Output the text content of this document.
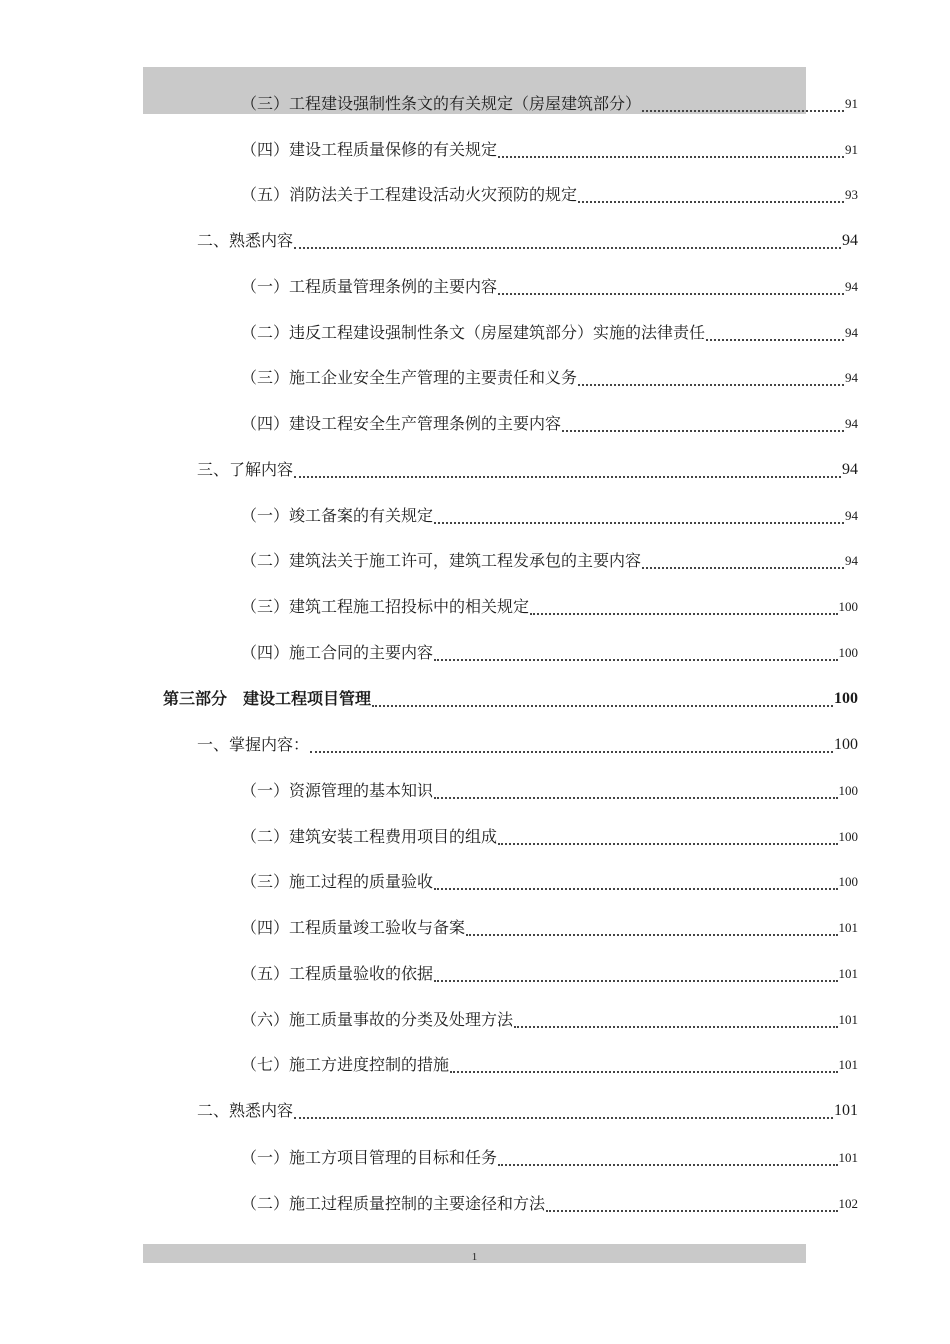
（三）工程建设强制性条文的有关规定（房屋建筑部分）	91
（四）建设工程质量保修的有关规定	91
（五）消防法关于工程建设活动火灾预防的规定	93
二、熟悉内容	94
（一）工程质量管理条例的主要内容	94
（二）违反工程建设强制性条文（房屋建筑部分）实施的法律责任	94
（三）施工企业安全生产管理的主要责任和义务	94
（四）建设工程安全生产管理条例的主要内容	94
三、了解内容	94
（一）竣工备案的有关规定	94
（二）建筑法关于施工许可，建筑工程发承包的主要内容	94
（三）建筑工程施工招投标中的相关规定	100
（四）施工合同的主要内容	100
第三部分　建设工程项目管理	100
一、掌握内容：	100
（一）资源管理的基本知识	100
（二）建筑安装工程费用项目的组成	100
（三）施工过程的质量验收	100
（四）工程质量竣工验收与备案	101
（五）工程质量验收的依据	101
（六）施工质量事故的分类及处理方法	101
（七）施工方进度控制的措施	101
二、熟悉内容	101
（一）施工方项目管理的目标和任务	101
（二）施工过程质量控制的主要途径和方法	102
1
